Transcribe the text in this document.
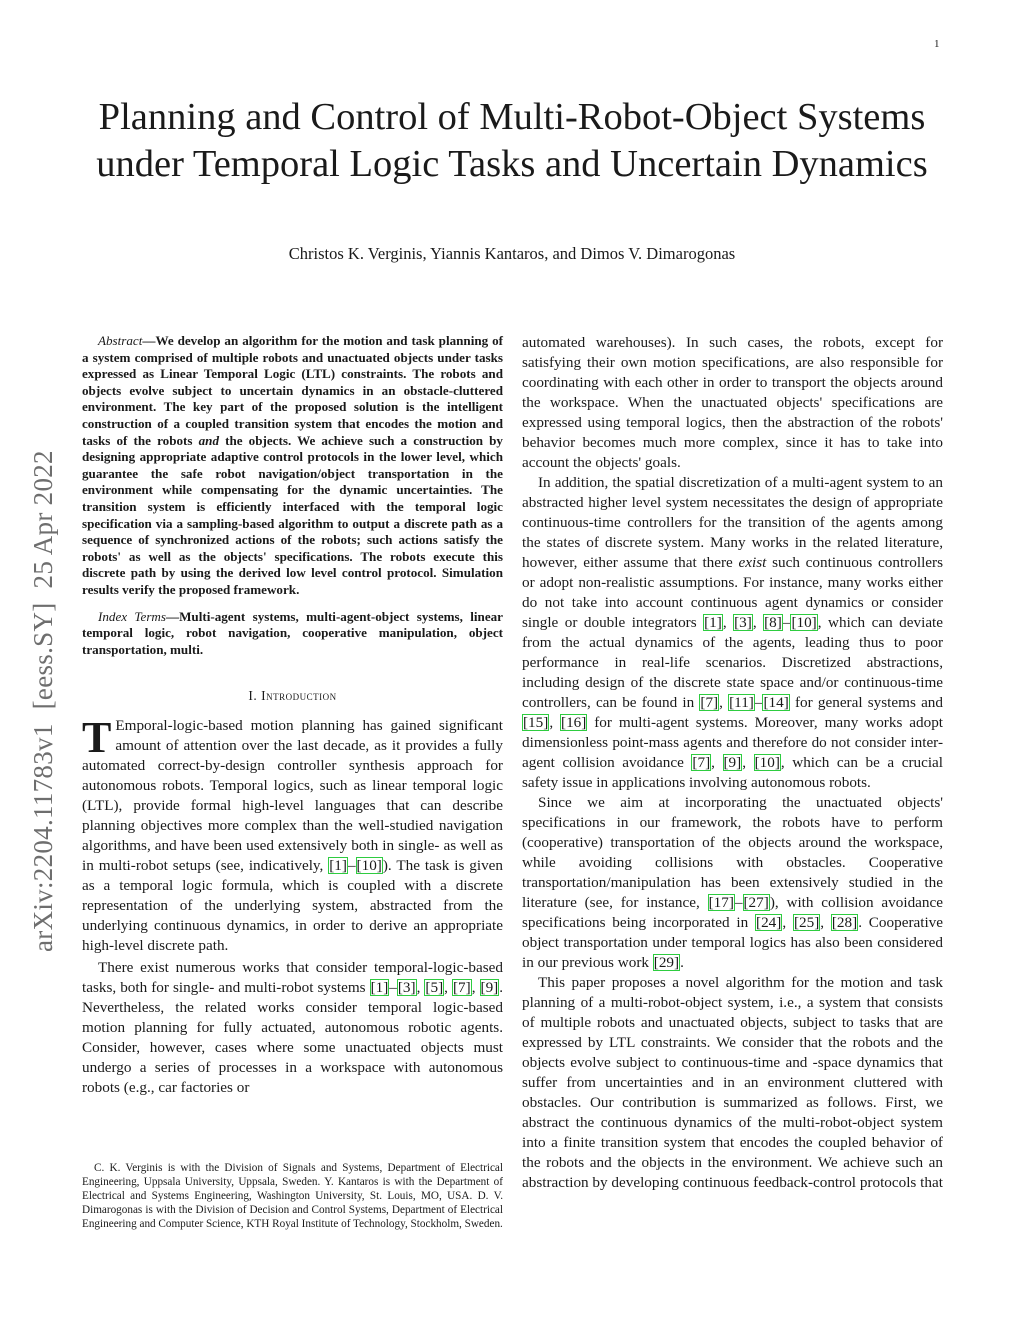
1
Planning and Control of Multi-Robot-Object Systems under Temporal Logic Tasks and Uncertain Dynamics

Christos K. Verginis, Yiannis Kantaros, and Dimos V. Dimarogonas

arXiv:2204.11783v1[eess.SY]25 Apr 2022

Abstract—We develop an algorithm for the motion and task planning of a system comprised of multiple robots and unactuated objects under tasks expressed as Linear Temporal Logic (LTL) constraints. The robots and objects evolve subject to uncertain dynamics in an obstacle-cluttered environment. The key part of the proposed solution is the intelligent construction of a coupled transition system that encodes the motion and tasks of the robots and the objects. We achieve such a construction by designing appropriate adaptive control protocols in the lower level, which guarantee the safe robot navigation/object transportation in the environment while compensating for the dynamic uncertainties. The transition system is efficiently interfaced with the temporal logic specification via a sampling-based algorithm to output a discrete path as a sequence of synchronized actions of the robots; such actions satisfy the robots' as well as the objects' specifications. The robots execute this discrete path by using the derived low level control protocol. Simulation results verify the proposed framework.

Index Terms—Multi-agent systems, multi-agent-object systems, linear temporal logic, robot navigation, cooperative manipulation, object transportation, multi.

I. Introduction

T Emporal-logic-based motion planning has gained significant amount of attention over the last decade, as it provides a fully automated correct-by-design controller synthesis approach for autonomous robots. Temporal logics, such as linear temporal logic (LTL), provide formal high-level languages that can describe planning objectives more complex than the well-studied navigation algorithms, and have been used extensively both in single- as well as in multi-robot setups (see, indicatively, [1]–[10]). The task is given as a temporal logic formula, which is coupled with a discrete representation of the underlying system, abstracted from the underlying continuous dynamics, in order to derive an appropriate high-level discrete path.

There exist numerous works that consider temporal-logic-based tasks, both for single- and multi-robot systems [1]–[3], [5], [7], [9]. Nevertheless, the related works consider temporal logic-based motion planning for fully actuated, autonomous robotic agents. Consider, however, cases where some unactuated objects must undergo a series of processes in a workspace with autonomous robots (e.g., car factories or

C. K. Verginis is with the Division of Signals and Systems, Department of Electrical Engineering, Uppsala University, Uppsala, Sweden. Y. Kantaros is with the Department of Electrical and Systems Engineering, Washington University, St. Louis, MO, USA. D. V. Dimarogonas is with the Division of Decision and Control Systems, Department of Electrical Engineering and Computer Science, KTH Royal Institute of Technology, Stockholm, Sweden.

automated warehouses). In such cases, the robots, except for satisfying their own motion specifications, are also responsible for coordinating with each other in order to transport the objects around the workspace. When the unactuated objects' specifications are expressed using temporal logics, then the abstraction of the robots' behavior becomes much more complex, since it has to take into account the objects' goals.

In addition, the spatial discretization of a multi-agent system to an abstracted higher level system necessitates the design of appropriate continuous-time controllers for the transition of the agents among the states of discrete system. Many works in the related literature, however, either assume that there exist such continuous controllers or adopt non-realistic assumptions. For instance, many works either do not take into account continuous agent dynamics or consider single or double integrators [1], [3], [8]–[10], which can deviate from the actual dynamics of the agents, leading thus to poor performance in real-life scenarios. Discretized abstractions, including design of the discrete state space and/or continuous-time controllers, can be found in [7], [11]–[14] for general systems and [15], [16] for multi-agent systems. Moreover, many works adopt dimensionless point-mass agents and therefore do not consider inter-agent collision avoidance [7], [9], [10], which can be a crucial safety issue in applications involving autonomous robots.

Since we aim at incorporating the unactuated objects' specifications in our framework, the robots have to perform (cooperative) transportation of the objects around the workspace, while avoiding collisions with obstacles. Cooperative transportation/manipulation has been extensively studied in the literature (see, for instance, [17]–[27]), with collision avoidance specifications being incorporated in [24], [25], [28]. Cooperative object transportation under temporal logics has also been considered in our previous work [29].

This paper proposes a novel algorithm for the motion and task planning of a multi-robot-object system, i.e., a system that consists of multiple robots and unactuated objects, subject to tasks that are expressed by LTL constraints. We consider that the robots and the objects evolve subject to continuous-time and -space dynamics that suffer from uncertainties and in an environment cluttered with obstacles. Our contribution is summarized as follows. First, we abstract the continuous dynamics of the multi-robot-object system into a finite transition system that encodes the coupled behavior of the robots and the objects in the environment. We achieve such an abstraction by developing continuous feedback-control protocols that
